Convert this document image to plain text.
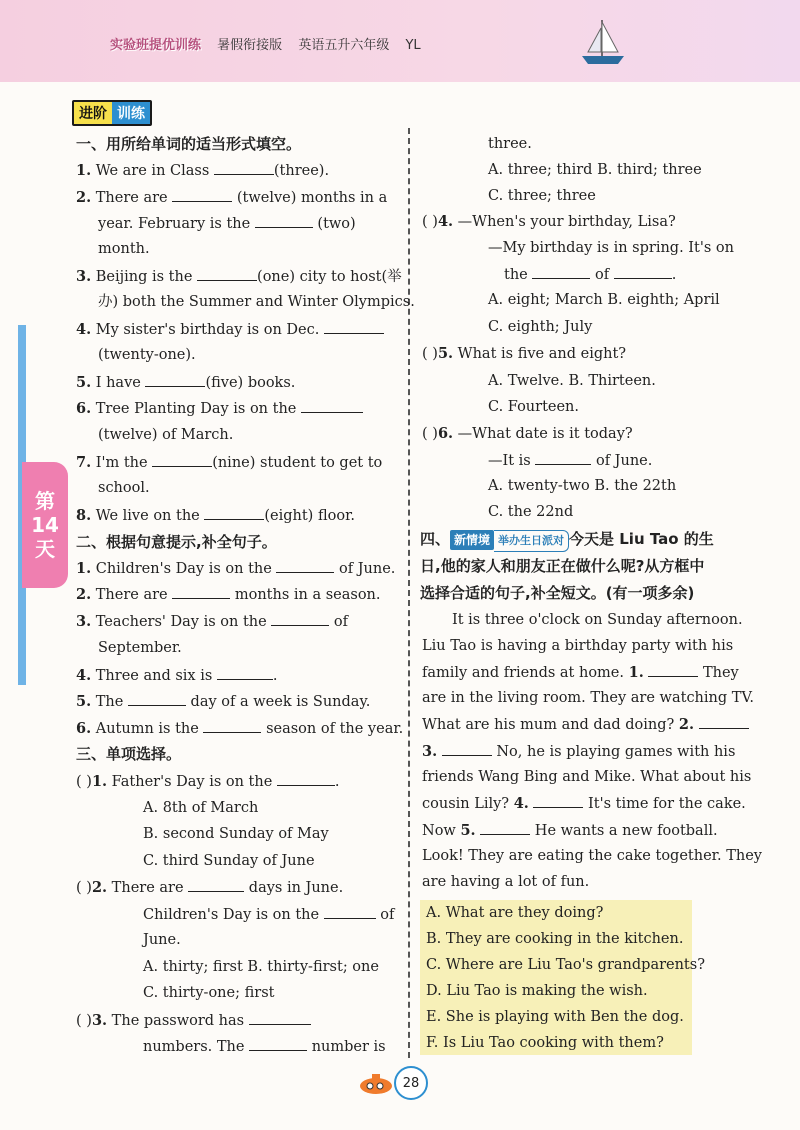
实验班提优训练 暑假衔接版 英语五升六年级 YL
进阶 训练
第
14
天
一、用所给单词的适当形式填空。
1. We are in Class	(three).
2. There are	(twelve) months in a
year. February is the	(two)
month.
3. Beijing is the	(one) city to host(举
办) both the Summer and Winter Olympics.
4. My sister's birthday is on Dec.
(twenty-one).
5. I have	(five) books.
6. Tree Planting Day is on the
(twelve) of March.
7. I'm the	(nine) student to get to
school.
8. We live on the	(eight) floor.
二、根据句意提示,补全句子。
1. Children's Day is on the	of June.
2. There are	months in a season.
3. Teachers' Day is on the	of
September.
4. Three and six is	.
5. The	day of a week is Sunday.
6. Autumn is the	season of the year.
三、单项选择。
( )1. Father's Day is on the	.
A. 8th of March
B. second Sunday of May
C. third Sunday of June
( )2. There are	days in June.
Children's Day is on the	of
June.
A. thirty; first B. thirty-first; one
C. thirty-one; first
( )3. The password has
numbers. The	number is
three.
A. three; third B. third; three
C. three; three
( )4. —When's your birthday, Lisa?
—My birthday is in spring. It's on
the	of	.
A. eight; March B. eighth; April
C. eighth; July
( )5. What is five and eight?
A. Twelve. B. Thirteen.
C. Fourteen.
( )6. —What date is it today?
—It is	of June.
A. twenty-two B. the 22th
C. the 22nd
四、 新情境 举办生日派对 今天是 Liu Tao 的生
日,他的家人和朋友正在做什么呢?从方框中
选择合适的句子,补全短文。(有一项多余)
It is three o'clock on Sunday afternoon.
Liu Tao is having a birthday party with his
family and friends at home. 1.	They
are in the living room. They are watching TV.
What are his mum and dad doing? 2.
3.	No, he is playing games with his
friends Wang Bing and Mike. What about his
cousin Lily? 4.	It's time for the cake.
Now 5.	He wants a new football.
Look! They are eating the cake together. They
are having a lot of fun.
A. What are they doing?
B. They are cooking in the kitchen.
C. Where are Liu Tao's grandparents?
D. Liu Tao is making the wish.
E. She is playing with Ben the dog.
F. Is Liu Tao cooking with them?
28
